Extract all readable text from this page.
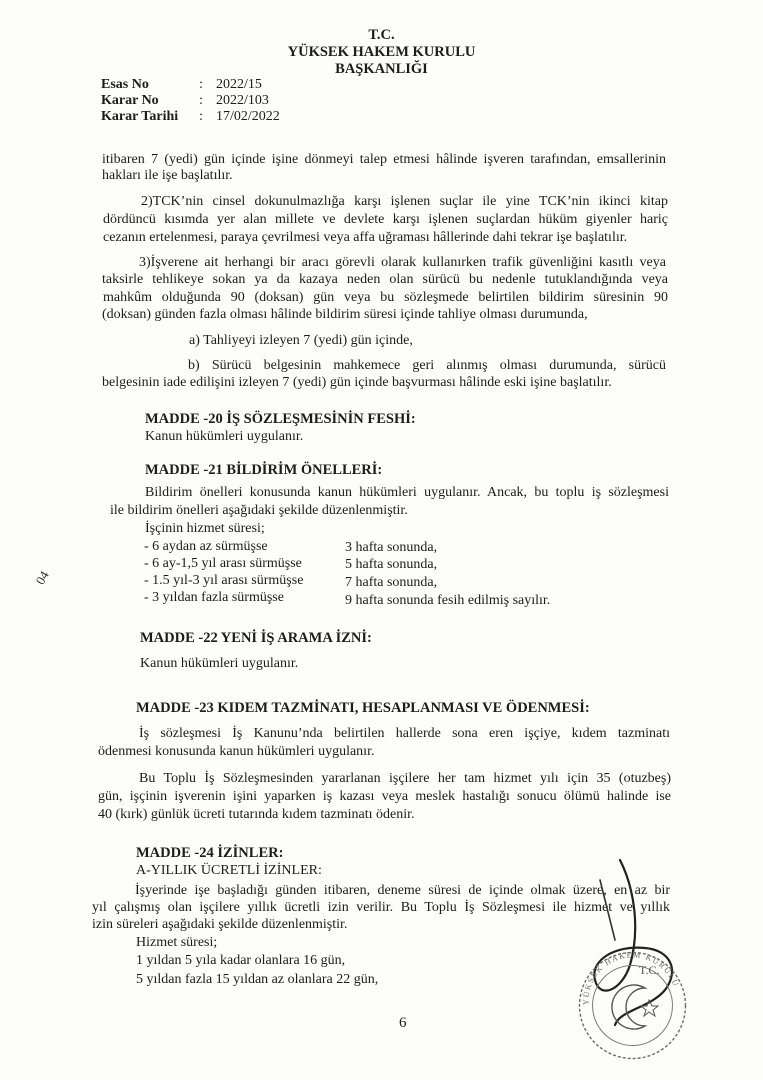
T.C.
YÜKSEK HAKEM KURULU
BAŞKANLIĞI
Esas No	: 2022/15
Karar No	: 2022/103
Karar Tarihi : 17/02/2022
itibaren 7 (yedi) gün içinde işine dönmeyi talep etmesi hâlinde işveren tarafından, emsallerinin
hakları ile işe başlatılır.
2)TCK’nin cinsel dokunulmazlığa karşı işlenen suçlar ile yine TCK’nin ikinci kitap
dördüncü kısımda yer alan millete ve devlete karşı işlenen suçlardan hüküm giyenler hariç
cezanın ertelenmesi, paraya çevrilmesi veya affa uğraması hâllerinde dahi tekrar işe başlatılır.
3)İşverene ait herhangi bir aracı görevli olarak kullanırken trafik güvenliğini kasıtlı veya
taksirle tehlikeye sokan ya da kazaya neden olan sürücü bu nedenle tutuklandığında veya
mahkûm olduğunda 90 (doksan) gün veya bu sözleşmede belirtilen bildirim süresinin 90
(doksan) günden fazla olması hâlinde bildirim süresi içinde tahliye olması durumunda,
a) Tahliyeyi izleyen 7 (yedi) gün içinde,
b) Sürücü belgesinin mahkemece geri alınmış olması durumunda, sürücü
belgesinin iade edilişini izleyen 7 (yedi) gün içinde başvurması hâlinde eski işine başlatılır.
MADDE -20 İŞ SÖZLEŞMESİNİN FESHİ:
Kanun hükümleri uygulanır.
MADDE -21 BİLDİRİM ÖNELLERİ:
Bildirim önelleri konusunda kanun hükümleri uygulanır. Ancak, bu toplu iş sözleşmesi
ile bildirim önelleri aşağıdaki şekilde düzenlenmiştir.
İşçinin hizmet süresi;
- 6 aydan az sürmüşse	3 hafta sonunda,
- 6 ay-1,5 yıl arası sürmüşse	5 hafta sonunda,
- 1.5 yıl-3 yıl arası sürmüşse	7 hafta sonunda,
- 3 yıldan fazla sürmüşse	9 hafta sonunda fesih edilmiş sayılır.
MADDE -22 YENİ İŞ ARAMA İZNİ:
Kanun hükümleri uygulanır.
MADDE -23 KIDEM TAZMİNATI, HESAPLANMASI VE ÖDENMESİ:
İş sözleşmesi İş Kanunu’nda belirtilen hallerde sona eren işçiye, kıdem tazminatı
ödenmesi konusunda kanun hükümleri uygulanır.
Bu Toplu İş Sözleşmesinden yararlanan işçilere her tam hizmet yılı için 35 (otuzbeş)
gün, işçinin işverenin işini yaparken iş kazası veya meslek hastalığı sonucu ölümü halinde ise
40 (kırk) günlük ücreti tutarında kıdem tazminatı ödenir.
MADDE -24 İZİNLER:
A-YILLIK ÜCRETLİ İZİNLER:
İşyerinde işe başladığı günden itibaren, deneme süresi de içinde olmak üzere, en az bir
yıl çalışmış olan işçilere yıllık ücretli izin verilir. Bu Toplu İş Sözleşmesi ile hizmet ve yıllık
izin süreleri aşağıdaki şekilde düzenlenmiştir.
Hizmet süresi;
1 yıldan 5 yıla kadar olanlara 16 gün,
5 yıldan fazla 15 yıldan az olanlara 22 gün,
6
04
T.C.
YÜKSEK HAKEM KURULU
